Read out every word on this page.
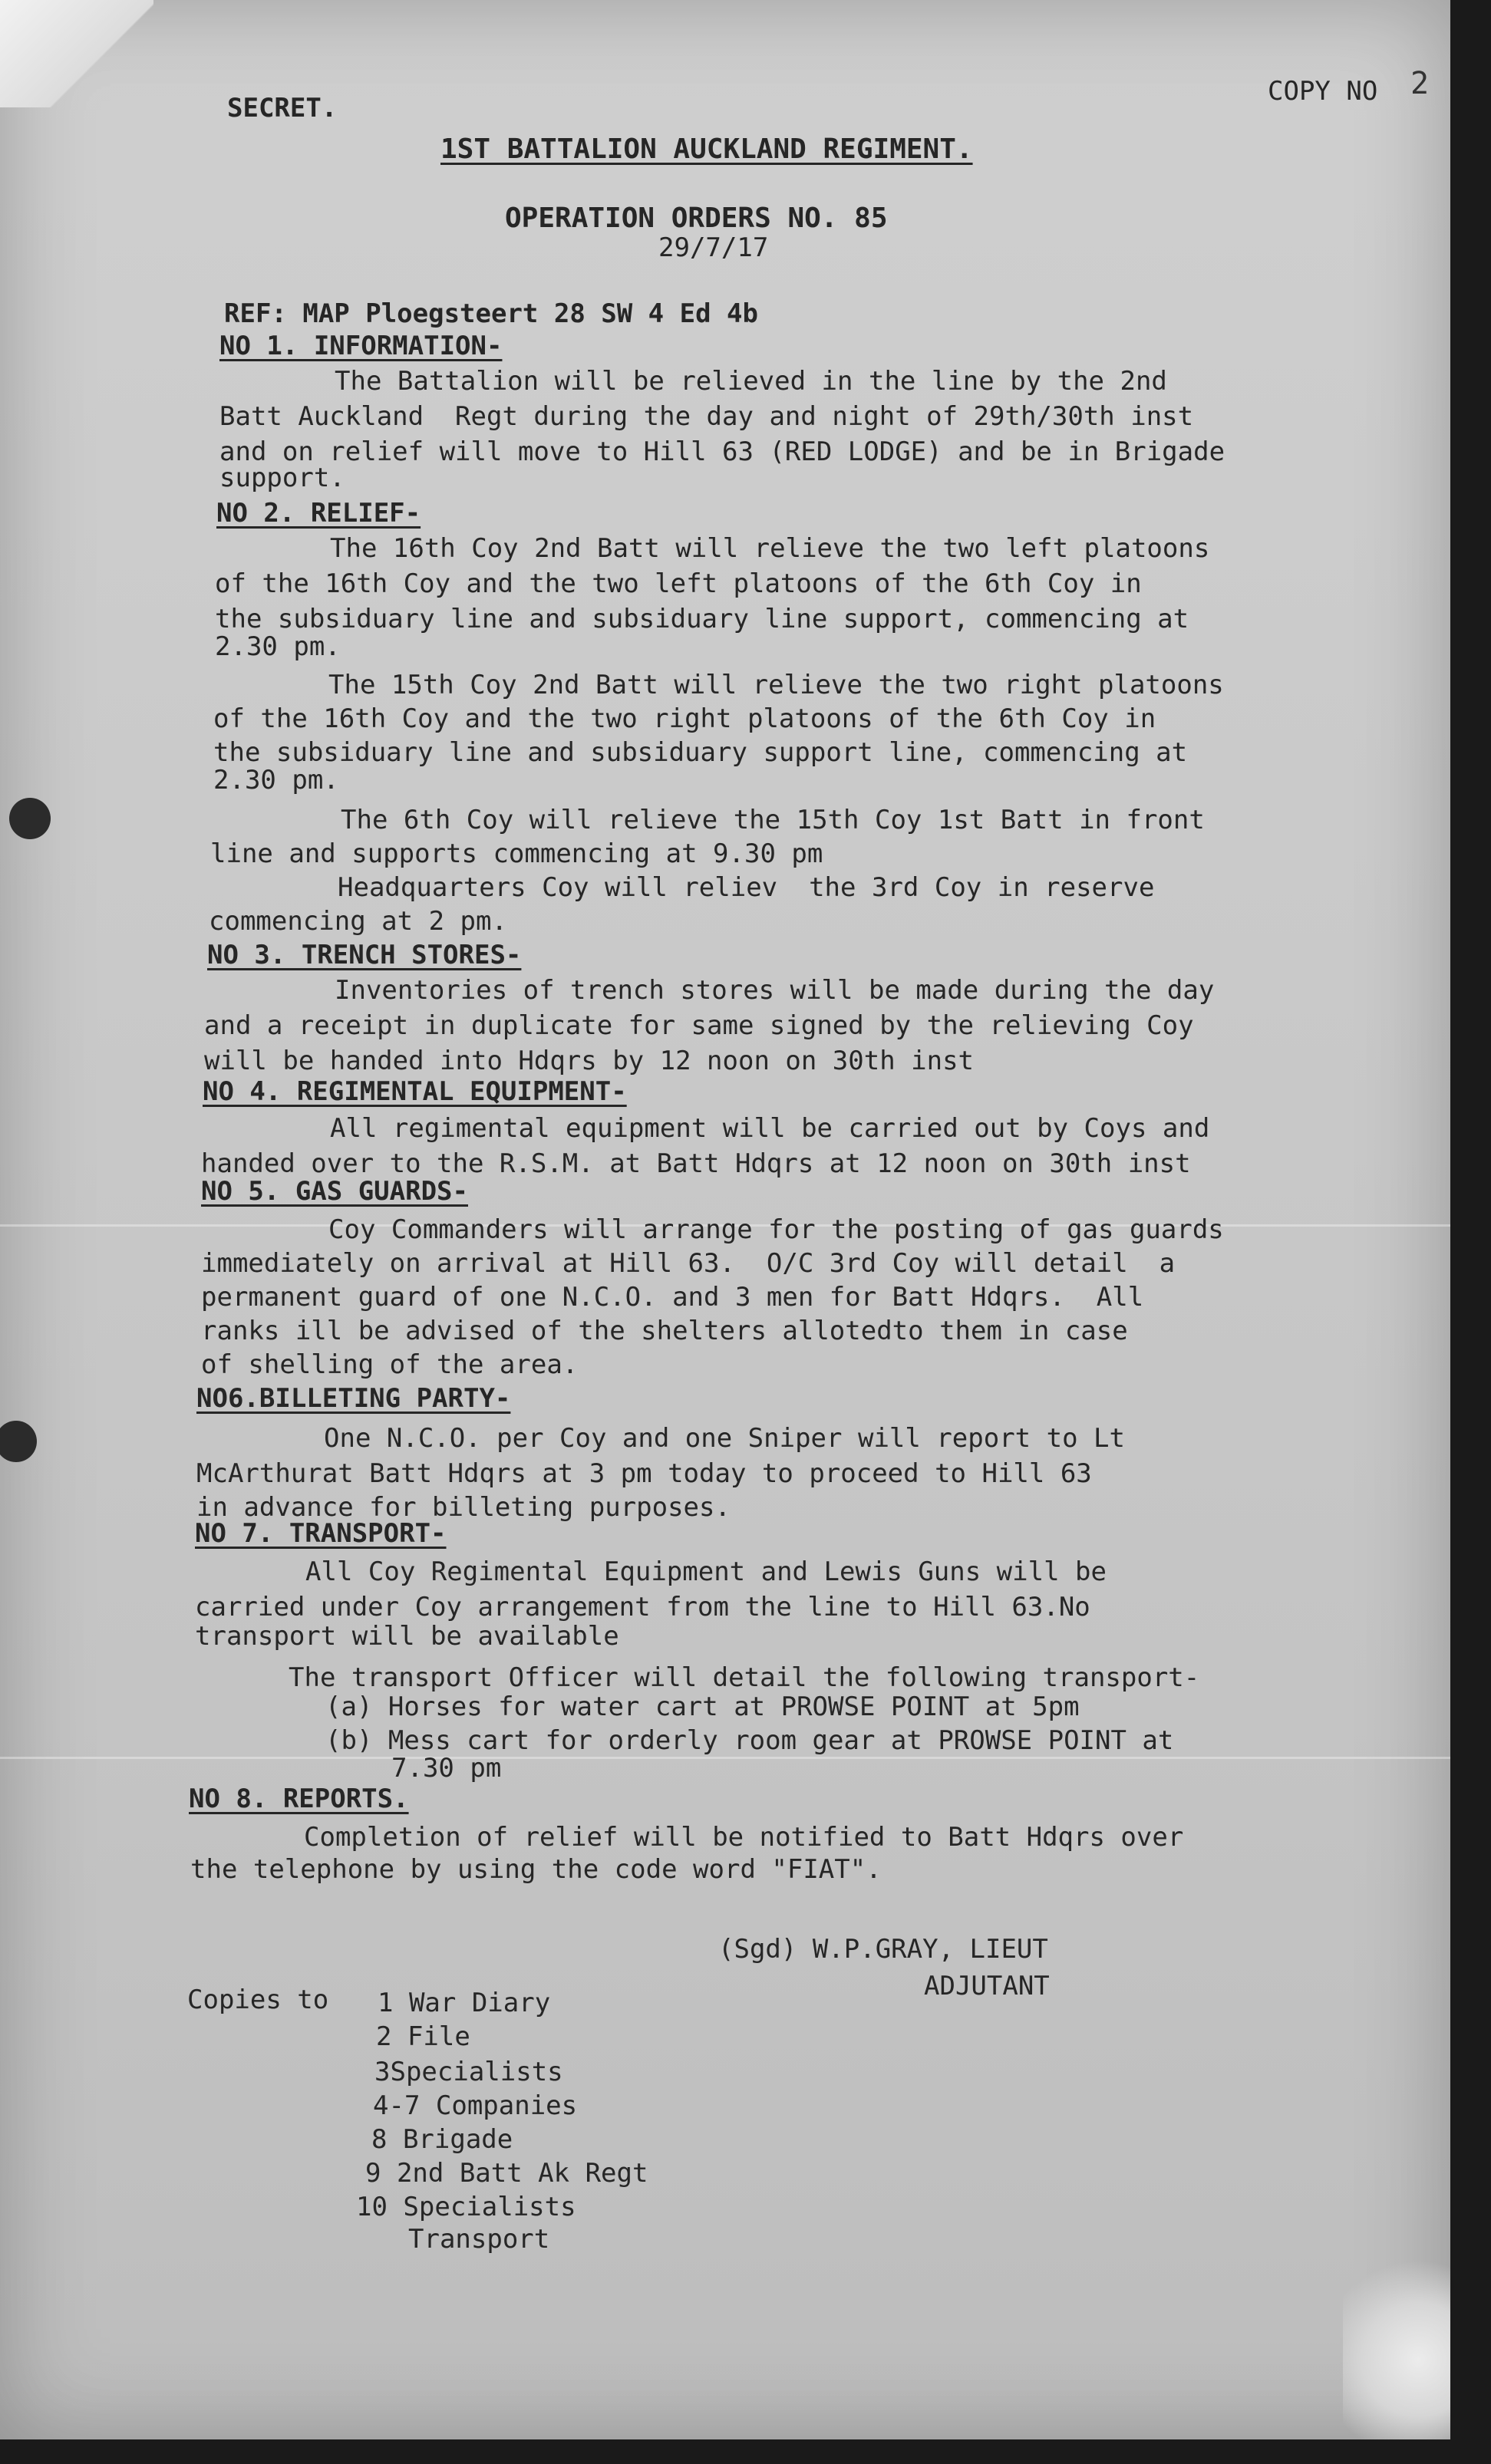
SECRET.
1ST BATTALION AUCKLAND REGIMENT.
COPY NO 2
OPERATION ORDERS NO. 85
29/7/17
REF: MAP Ploegsteert 28 SW 4 Ed 4b
NO 1. INFORMATION-
The Battalion will be relieved in the line by the 2nd
Batt Auckland  Regt during the day and night of 29th/30th inst
and on relief will move to Hill 63 (RED LODGE) and be in Brigade
support.
NO 2. RELIEF-
The 16th Coy 2nd Batt will relieve the two left platoons
of the 16th Coy and the two left platoons of the 6th Coy in
the subsiduary line and subsiduary line support, commencing at
2.30 pm.
The 15th Coy 2nd Batt will relieve the two right platoons
of the 16th Coy and the two right platoons of the 6th Coy in
the subsiduary line and subsiduary support line, commencing at
2.30 pm.
The 6th Coy will relieve the 15th Coy 1st Batt in front
line and supports commencing at 9.30 pm
Headquarters Coy will reliev  the 3rd Coy in reserve
commencing at 2 pm.
NO 3. TRENCH STORES-
Inventories of trench stores will be made during the day
and a receipt in duplicate for same signed by the relieving Coy
will be handed into Hdqrs by 12 noon on 30th inst
NO 4. REGIMENTAL EQUIPMENT-
All regimental equipment will be carried out by Coys and
handed over to the R.S.M. at Batt Hdqrs at 12 noon on 30th inst
NO 5. GAS GUARDS-
Coy Commanders will arrange for the posting of gas guards
immediately on arrival at Hill 63.  O/C 3rd Coy will detail  a
permanent guard of one N.C.O. and 3 men for Batt Hdqrs.  All
ranks ill be advised of the shelters allotedto them in case
of shelling of the area.
NO6.BILLETING PARTY-
One N.C.O. per Coy and one Sniper will report to Lt
McArthurat Batt Hdqrs at 3 pm today to proceed to Hill 63
in advance for billeting purposes.
NO 7. TRANSPORT-
All Coy Regimental Equipment and Lewis Guns will be
carried under Coy arrangement from the line to Hill 63.No
transport will be available
The transport Officer will detail the following transport-
(a) Horses for water cart at PROWSE POINT at 5pm
(b) Mess cart for orderly room gear at PROWSE POINT at
7.30 pm
NO 8. REPORTS.
Completion of relief will be notified to Batt Hdqrs over
the telephone by using the code word "FIAT".
(Sgd) W.P.GRAY, LIEUT
ADJUTANT
Copies to 1 War Diary
2 File
3Specialists
4-7 Companies
8 Brigade
9 2nd Batt Ak Regt
10 Specialists
Transport
